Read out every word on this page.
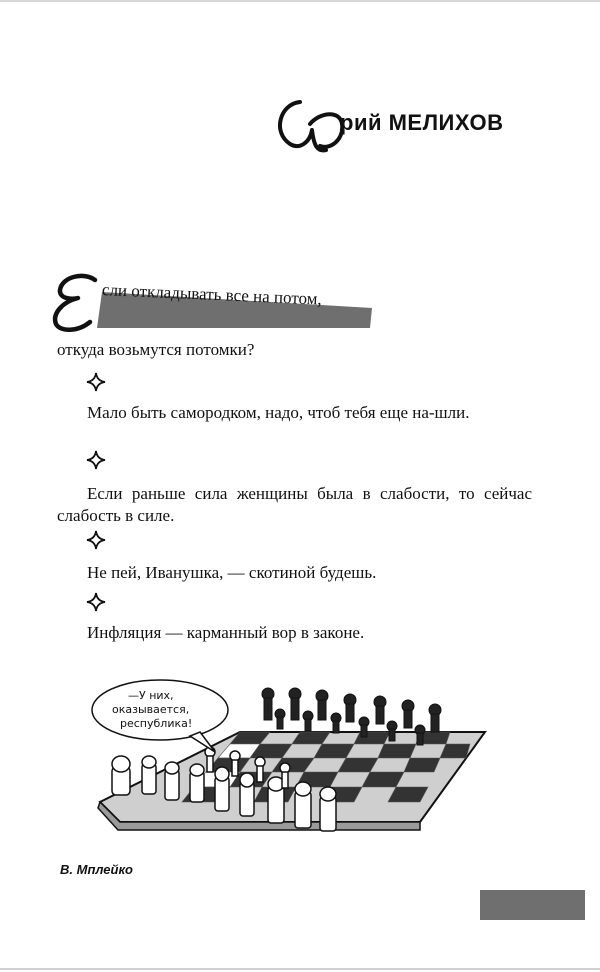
Ю
рий МЕЛИХОВ
сли откладывать все на потом,
откуда возьмутся потомки?
Мало быть самородком, надо, чтоб тебя еще на-шли.
Если раньше сила женщины была в слабости, то сейчас слабость в силе.
Не пей, Иванушка, — скотиной будешь.
Инфляция — карманный вор в законе.
—У них,
оказывается,
республика!
В. Мплейко
